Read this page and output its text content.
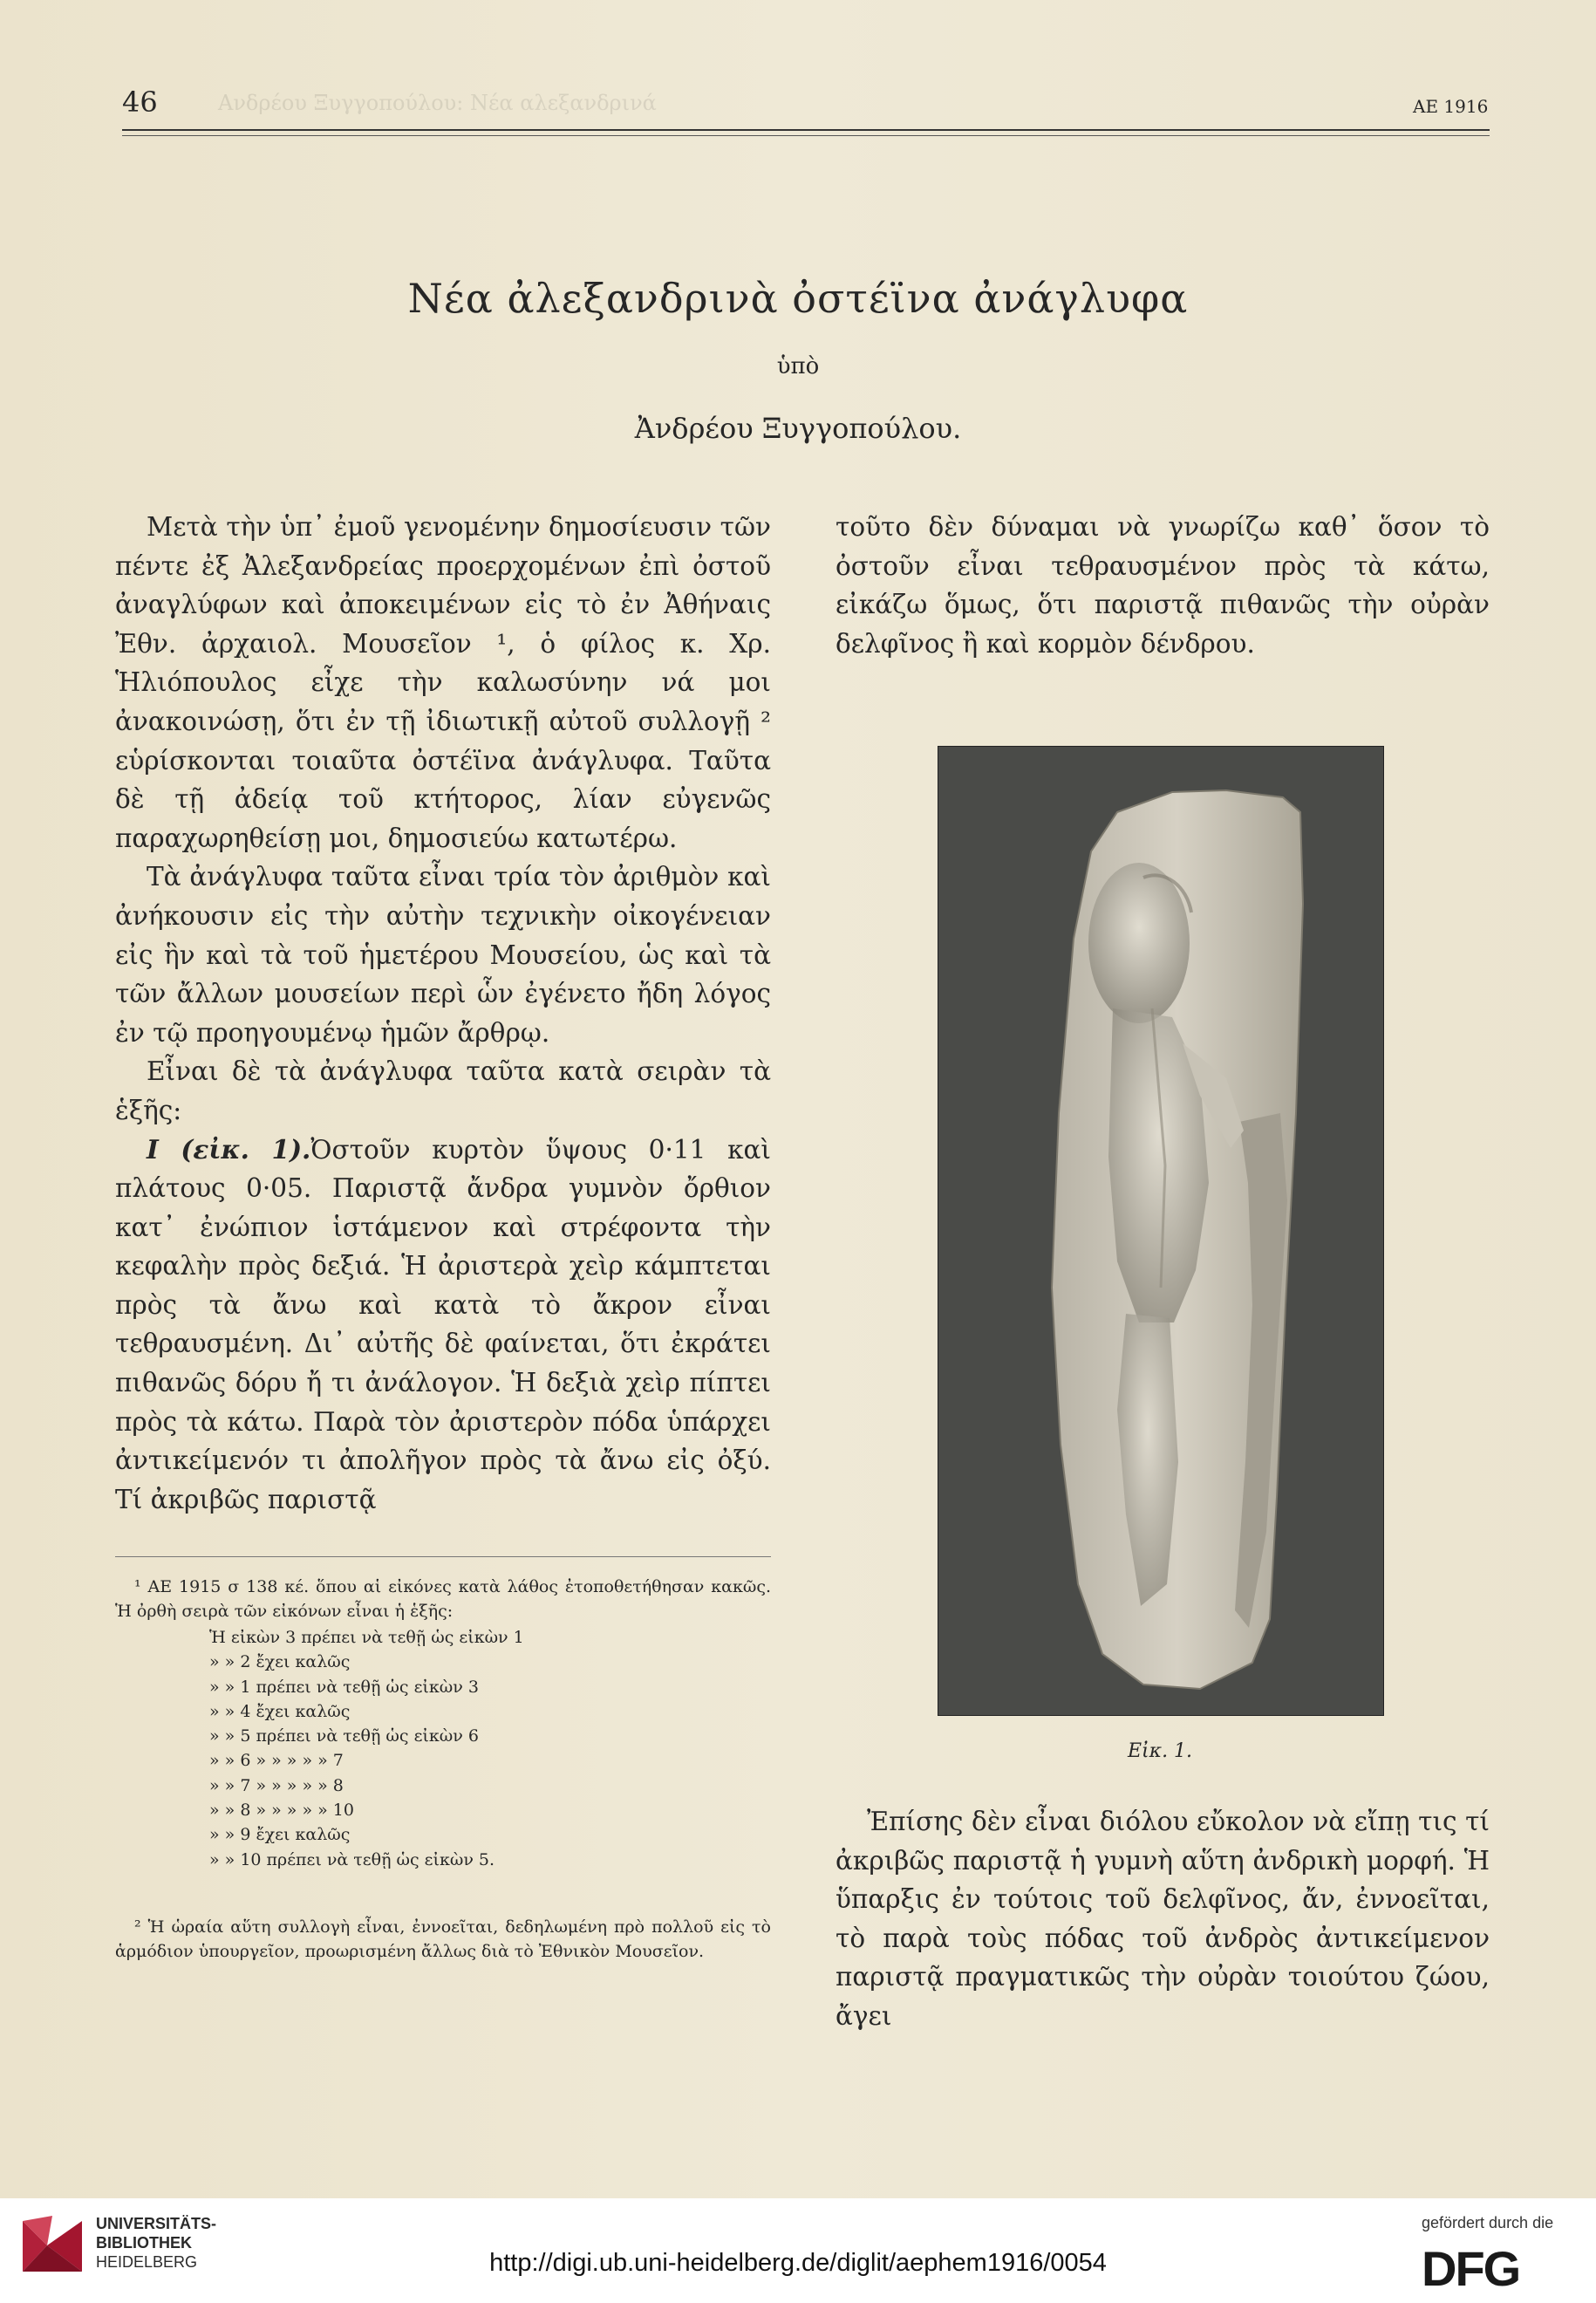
46	Ανδρέου Ξυγγοπούλου: Νέα αλεξανδρινά	ΑΕ 1916
Νέα ἀλεξανδρινὰ ὀστέϊνα ἀνάγλυφα
ὑπὸ
Ἀνδρέου Ξυγγοπούλου.

Μετὰ τὴν ὑπ᾽ ἐμοῦ γενομένην δημοσίευσιν τῶν πέντε ἐξ Ἀλεξανδρείας προερχομένων ἐπὶ ὀστοῦ ἀναγλύφων καὶ ἀποκειμένων εἰς τὸ ἐν Ἀθήναις Ἐθν. ἀρχαιολ. Μουσεῖον ¹, ὁ φίλος κ. Χρ. Ἡλιόπουλος εἶχε τὴν καλωσύνην νά μοι ἀνακοινώσῃ, ὅτι ἐν τῇ ἰδιωτικῇ αὐτοῦ συλλογῇ ² εὑρίσκονται τοιαῦτα ὀστέϊνα ἀνάγλυφα. Ταῦτα δὲ τῇ ἀδείᾳ τοῦ κτήτορος, λίαν εὐγενῶς παραχωρηθείσῃ μοι, δημοσιεύω κατωτέρω.

Τὰ ἀνάγλυφα ταῦτα εἶναι τρία τὸν ἀριθμὸν καὶ ἀνήκουσιν εἰς τὴν αὐτὴν τεχνικὴν οἰκογένειαν εἰς ἣν καὶ τὰ τοῦ ἡμετέρου Μουσείου, ὡς καὶ τὰ τῶν ἄλλων μουσείων περὶ ὧν ἐγένετο ἤδη λόγος ἐν τῷ προηγουμένῳ ἡμῶν ἄρθρῳ.

Εἶναι δὲ τὰ ἀνάγλυφα ταῦτα κατὰ σειρὰν τὰ ἑξῆς:

Ι (εἰκ. 1).Ὀστοῦν κυρτὸν ὕψους 0·11 καὶ πλάτους 0·05. Παριστᾷ ἄνδρα γυμνὸν ὄρθιον κατ᾽ ἐνώπιον ἱστάμενον καὶ στρέφοντα τὴν κεφαλὴν πρὸς δεξιά. Ἡ ἀριστερὰ χεὶρ κάμπτεται πρὸς τὰ ἄνω καὶ κατὰ τὸ ἄκρον εἶναι τεθραυσμένη. Δι᾽ αὐτῆς δὲ φαίνεται, ὅτι ἐκράτει πιθανῶς δόρυ ἤ τι ἀνάλογον. Ἡ δεξιὰ χεὶρ πίπτει πρὸς τὰ κάτω. Παρὰ τὸν ἀριστερὸν πόδα ὑπάρχει ἀντικείμενόν τι ἀπολῆγον πρὸς τὰ ἄνω εἰς ὀξύ. Τί ἀκριβῶς παριστᾷ

τοῦτο δὲν δύναμαι νὰ γνωρίζω καθ᾽ ὅσον τὸ ὀστοῦν εἶναι τεθραυσμένον πρὸς τὰ κάτω, εἰκάζω ὅμως, ὅτι παριστᾷ πιθανῶς τὴν οὐρὰν δελφῖνος ἢ καὶ κορμὸν δένδρου.

Εἰκ. 1.

Ἐπίσης δὲν εἶναι διόλου εὔκολον νὰ εἴπῃ τις τί ἀκριβῶς παριστᾷ ἡ γυμνὴ αὕτη ἀνδρικὴ μορφή. Ἡ ὕπαρξις ἐν τούτοις τοῦ δελφῖνος, ἄν, ἐννοεῖται, τὸ παρὰ τοὺς πόδας τοῦ ἀνδρὸς ἀντικείμενον παριστᾷ πραγματικῶς τὴν οὐρὰν τοιούτου ζώου, ἄγει

¹ ΑΕ 1915 σ 138 κέ. ὅπου αἱ εἰκόνες κατὰ λάθος ἐτοποθετήθησαν κακῶς. Ἡ ὀρθὴ σειρὰ τῶν εἰκόνων εἶναι ἡ ἑξῆς:

Ἡ εἰκὼν 3 πρέπει νὰ τεθῇ ὡς εἰκὼν 1
» » 2 ἔχει καλῶς
» » 1 πρέπει νὰ τεθῇ ὡς εἰκὼν 3
» » 4 ἔχει καλῶς
» » 5 πρέπει νὰ τεθῇ ὡς εἰκὼν 6
» » 6 » » » » » 7
» » 7 » » » » » 8
» » 8 » » » » » 10
» » 9 ἔχει καλῶς
» » 10 πρέπει νὰ τεθῇ ὡς εἰκὼν 5.

² Ἡ ὡραία αὕτη συλλογὴ εἶναι, ἐννοεῖται, δεδηλωμένη πρὸ πολλοῦ εἰς τὸ ἁρμόδιον ὑπουργεῖον, προωρισμένη ἄλλως διὰ τὸ Ἐθνικὸν Μουσεῖον.

UNIVERSITÄTS-
BIBLIOTHEK
HEIDELBERG	http://digi.ub.uni-heidelberg.de/diglit/aephem1916/0054
gefördert durch die
DFG
